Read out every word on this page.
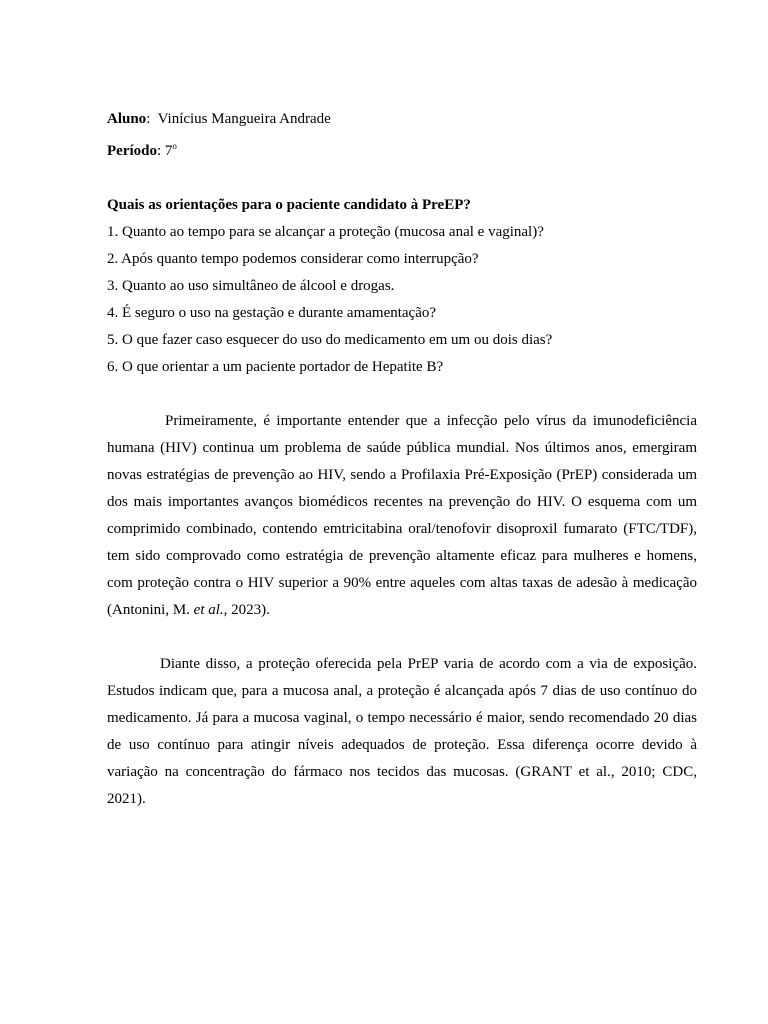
Aluno:  Vinícius Mangueira Andrade
Período: 7$^o$
Quais as orientações para o paciente candidato à PreEP?
1. Quanto ao tempo para se alcançar a proteção (mucosa anal e vaginal)?
2. Após quanto tempo podemos considerar como interrupção?
3. Quanto ao uso simultâneo de álcool e drogas.
4. É seguro o uso na gestação e durante amamentação?
5. O que fazer caso esquecer do uso do medicamento em um ou dois dias?
6. O que orientar a um paciente portador de Hepatite B?

Primeiramente, é importante entender que a infecção pelo vírus da imunodeficiência humana (HIV) continua um problema de saúde pública mundial. Nos últimos anos, emergiram novas estratégias de prevenção ao HIV, sendo a Profilaxia Pré-Exposição (PrEP) considerada um dos mais importantes avanços biomédicos recentes na prevenção do HIV. O esquema com um comprimido combinado, contendo emtricitabina oral/tenofovir disoproxil fumarato (FTC/TDF), tem sido comprovado como estratégia de prevenção altamente eficaz para mulheres e homens, com proteção contra o HIV superior a 90% entre aqueles com altas taxas de adesão à medicação (Antonini, M. et al., 2023).

Diante disso, a proteção oferecida pela PrEP varia de acordo com a via de exposição. Estudos indicam que, para a mucosa anal, a proteção é alcançada após 7 dias de uso contínuo do medicamento. Já para a mucosa vaginal, o tempo necessário é maior, sendo recomendado 20 dias de uso contínuo para atingir níveis adequados de proteção. Essa diferença ocorre devido à variação na concentração do fármaco nos tecidos das mucosas. (GRANT et al., 2010; CDC, 2021).
